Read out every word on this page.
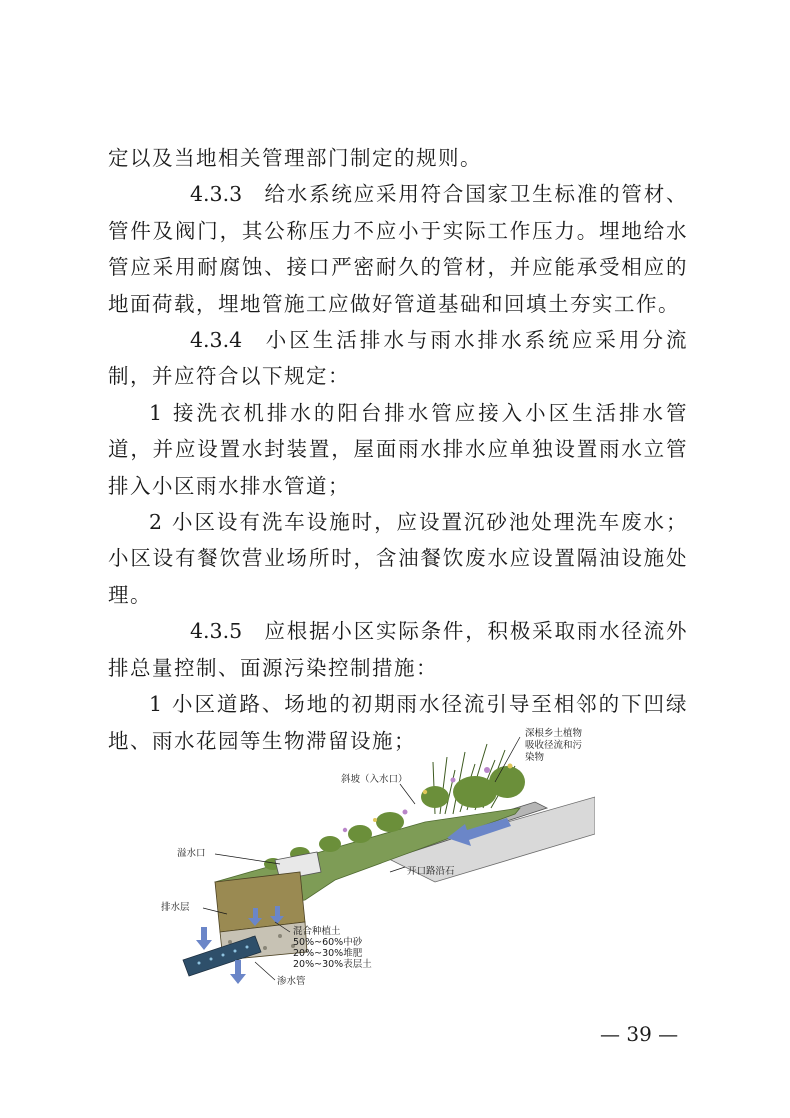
定以及当地相关管理部门制定的规则。

4.3.3 给水系统应采用符合国家卫生标准的管材、管件及阀门，其公称压力不应小于实际工作压力。埋地给水管应采用耐腐蚀、接口严密耐久的管材，并应能承受相应的地面荷载，埋地管施工应做好管道基础和回填土夯实工作。

4.3.4 小区生活排水与雨水排水系统应采用分流制，并应符合以下规定：

1 接洗衣机排水的阳台排水管应接入小区生活排水管道，并应设置水封装置，屋面雨水排水应单独设置雨水立管排入小区雨水排水管道；

2 小区设有洗车设施时，应设置沉砂池处理洗车废水；小区设有餐饮营业场所时，含油餐饮废水应设置隔油设施处理。

4.3.5 应根据小区实际条件，积极采取雨水径流外排总量控制、面源污染控制措施：

1 小区道路、场地的初期雨水径流引导至相邻的下凹绿地、雨水花园等生物滞留设施；	深根乡土植物
吸收径流和污
染物
斜坡（入水口）
溢水口
开口路沿石
排水层
混合种植土
50%~60%中砂
20%~30%堆肥
20%~30%表层土
渗水管
— 39 —
